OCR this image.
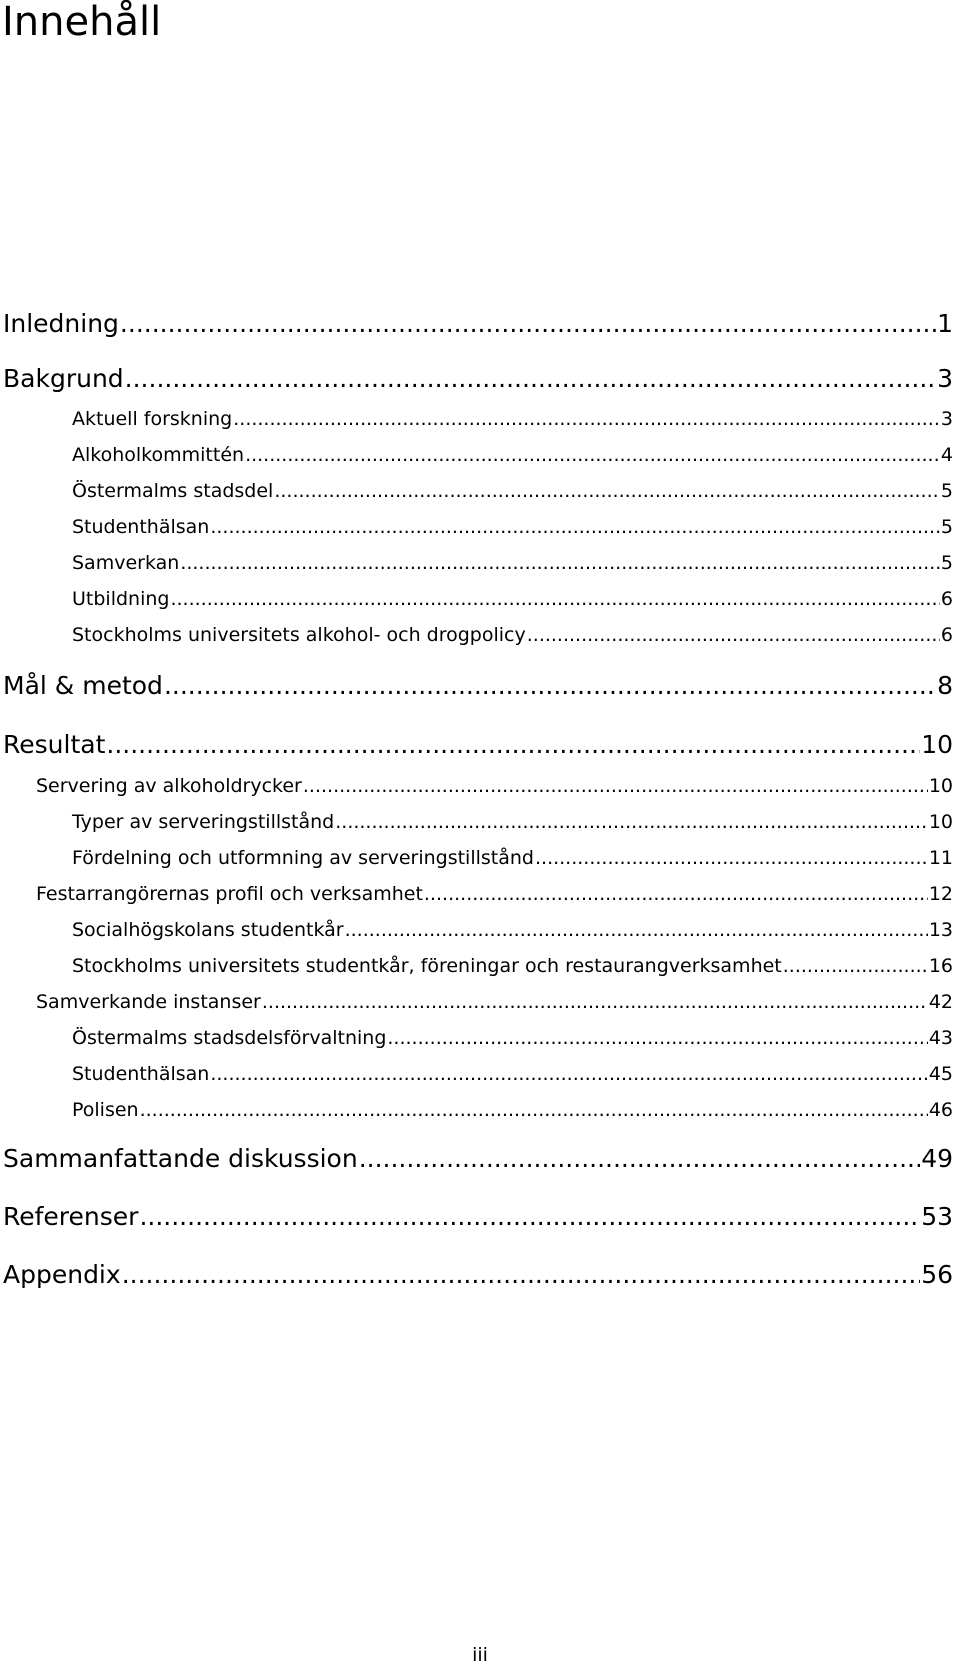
Innehåll
Inledning .....	1
Bakgrund .....	3
Aktuell forskning .....	3
Alkoholkommittén .....	4
Östermalms stadsdel .....	5
Studenthälsan .....	5
Samverkan .....	5
Utbildning .....	6
Stockholms universitets alkohol- och drogpolicy .....	6
Mål & metod .....	8
Resultat .....	10
Servering av alkoholdrycker .....	10
Typer av serveringstillstånd .....	10
Fördelning och utformning av serveringstillstånd .....	11
Festarrangörernas profil och verksamhet .....	12
Socialhögskolans studentkår .....	13
Stockholms universitets studentkår, föreningar och restaurangverksamhet .....	16
Samverkande instanser .....	42
Östermalms stadsdelsförvaltning .....	43
Studenthälsan .....	45
Polisen .....	46
Sammanfattande diskussion .....	49
Referenser .....	53
Appendix .....	56
iii
